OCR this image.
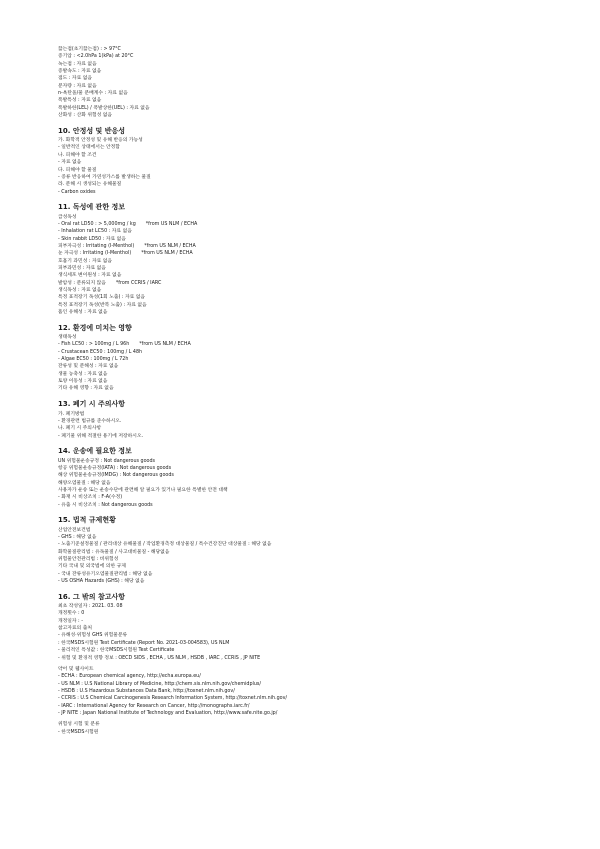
끓는점(초기끓는점) : > 97°C
증기압 : <2.0hPa 1(kPa) at 20°C
녹는점 : 자료 없음
증발속도 : 자료 없음
점도 : 자료 없음
분자량 : 자료 없음
n-옥탄올/물 분배계수 : 자료 없음
폭발특성 : 자료 없음
폭발하한(LEL) / 폭발상한(UEL) : 자료 없음
산화성 : 산화 위험성 없음
10. 안정성 및 반응성
가. 화학적 안정성 및 유해 반응의 가능성
- 일반적인 상태에서는 안정함
나. 피해야 할 조건
- 자료 없음
다. 피해야 할 물질
- 증류 반응하여 가연성가스를 발생하는 물질
라. 분해 시 생성되는 유해물질
- Carbon oxides
11. 독성에 관한 정보
급성독성
- Oral rat LD50 : > 5,000mg / kg *from US NLM / ECHA
- Inhalation rat LC50 : 자료 없음
- Skin rabbit LD50 : 자료 없음
피부자극성 : Irritating (I-Menthol) *from US NLM / ECHA
눈 자극성 : Irritating (I-Menthol) *from US NLM / ECHA
호흡기 과민성 : 자료 없음
피부과민성 : 자료 없음
생식세포 변이원성 : 자료 없음
발암성 : 분류되지 않음 *from CCRIS / IARC
생식독성 : 자료 없음
특정 표적장기 독성(1회 노출) : 자료 없음
특정 표적장기 독성(반복 노출) : 자료 없음
흡인 유해성 : 자료 없음
12. 환경에 미치는 영향
생태독성
- Fish LC50 : > 100mg / L 96h *from US NLM / ECHA
- Crustacean EC50 : 100mg / L 48h
- Algae EC50 : 100mg / L 72h
잔류성 및 분해성 : 자료 없음
생물 농축성 : 자료 없음
토양 이동성 : 자료 없음
기타 유해 영향 : 자료 없음
13. 폐기 시 주의사항
가. 폐기방법
- 환경관련 법규를 준수하시오.
나. 폐기 시 주의사항
- 폐기물 위해 적절한 용기에 저장하시오.
14. 운송에 필요한 정보
UN 위험물운송규정 : Not dangerous goods
항공 위험물운송규정(IATA) : Not dangerous goods
해상 위험물운송규정(IMDG) : Not dangerous goods
해양오염물질 : 해당 없음
사용자가 운송 또는 운송수단에 관련해 알 필요가 있거나 필요한 특별한 안전 대책
- 화재 시 비상조치 : F-A(수정)
- 유출 시 비상조치 : Not dangerous goods
15. 법적 규제현황
산업안전보건법
- GHS : 해당 없음
- 노출기준설정물질 / 관리대상 유해물질 / 작업환경측정 대상물질 / 특수건강진단 대상물질 : 해당 없음
화학물질관리법 : 유독물질 / 사고대비물질 - 해당없음
위험물안전관리법 : 비위험성
기타 국내 및 외국법에 의한 규제
- 국내 잔류성유기오염물질관리법 : 해당 없음
- US OSHA Hazards (GHS) : 해당 없음
16. 그 밖의 참고사항
최초 작성일자 : 2021. 03. 08
개정횟수 : 0
개정일자 : -
참고자료의 출처
- 유해성·위험성 GHS 위험물분류
: 한국MSDS시험원 Test Certificate (Report No. 2021-03-004583), US NLM
- 물리적인 특성값 : 한국MSDS시험원 Test Certificate
- 위험 및 환경적 영향 정보 : OECD SIDS , ECHA , US NLM , HSDB , IARC , CCRIS , JP NITE
약어 및 웹사이트
- ECHA : European chemical agency, http://echa.europa.eu/
- US NLM : U.S National Library of Medicine, http://chem.sis.nlm.nih.gov/chemidplus/
- HSDB : U.S Hazardous Substances Data Bank, http://toxnet.nlm.nih.gov/
- CCRIS : U.S Chemical Carcinogenesis Research Information System, http://toxnet.nlm.nih.gov/
- IARC : International Agency for Research on Cancer, http://monographs.iarc.fr/
- JP NITE : Japan National Institute of Technology and Evaluation, http://www.safe.nite.go.jp/
위험성 시험 및 분류
- 한국MSDS시험원
